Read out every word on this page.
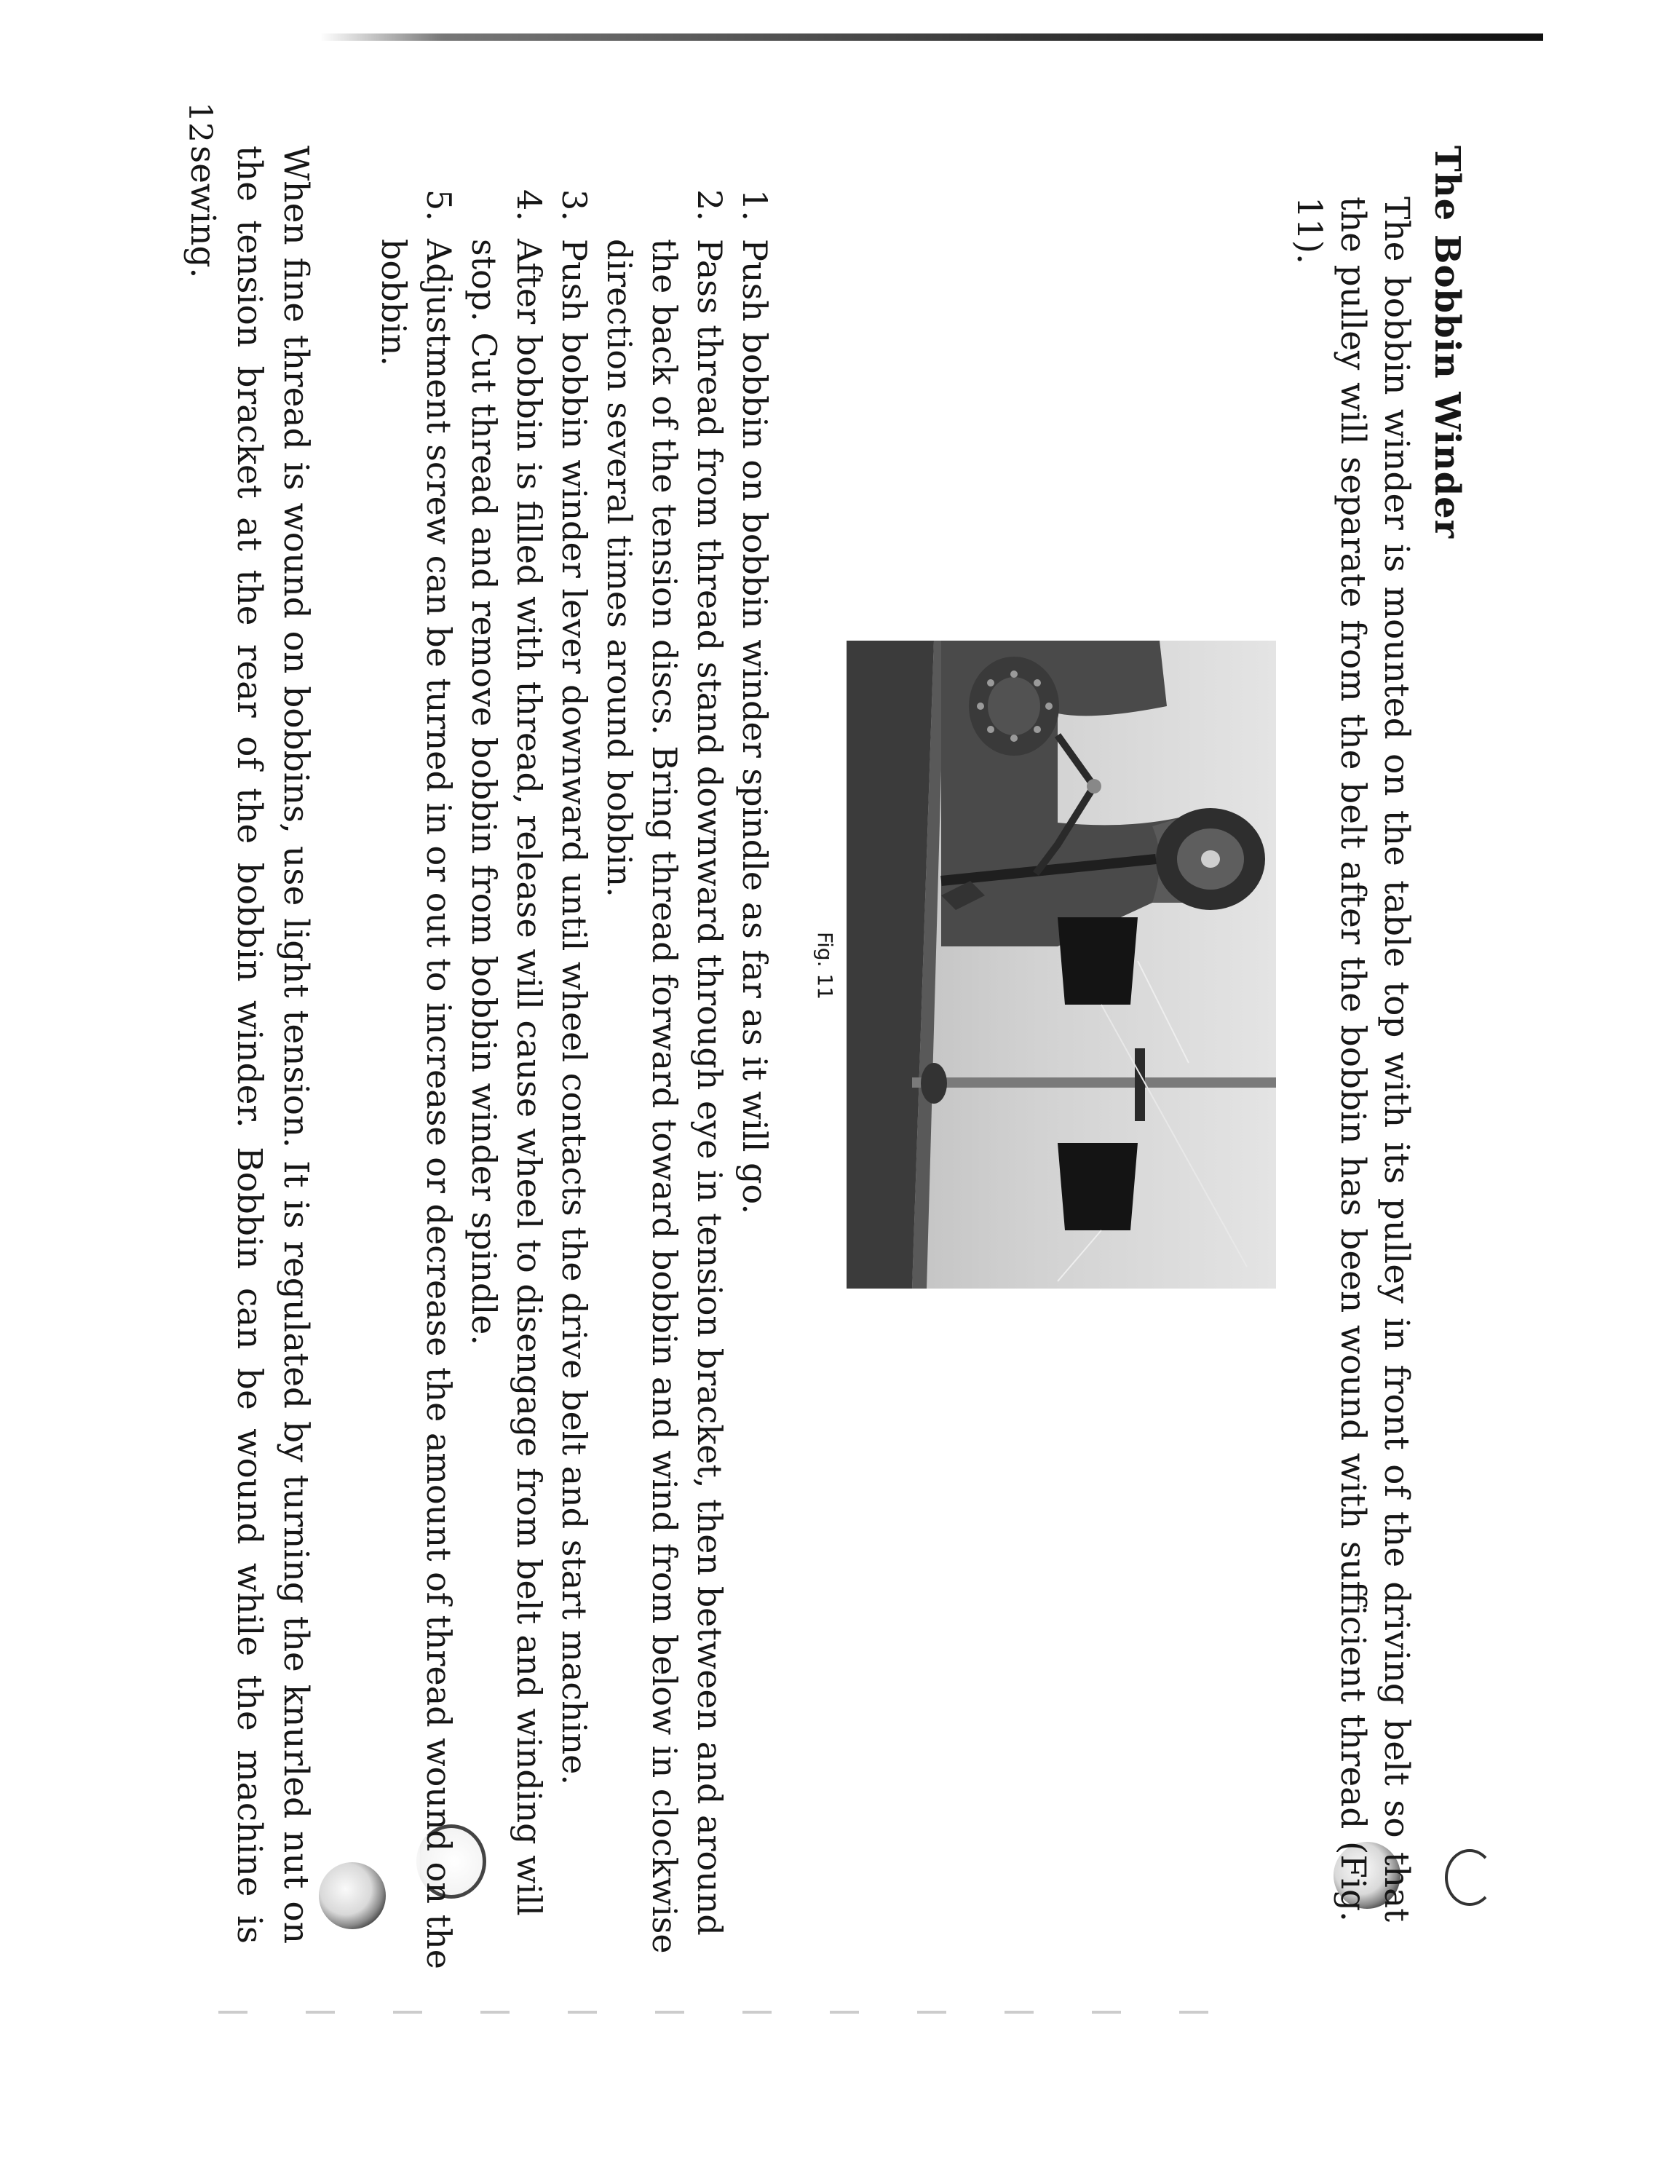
12
The Bobbin Winder

The bobbin winder is mounted on the table top with its pulley in front of the driving belt so that the pulley will separate from the belt after the bobbin has been wound with sufficient thread (Fig. 11).

Fig. 11
1.
Push bobbin on bobbin winder spindle as far as it will go.
2.
Pass thread from thread stand downward through eye in tension bracket, then between and around the back of the tension discs. Bring thread forward toward bobbin and wind from below in clockwise direction several times around bobbin.
3.
Push bobbin winder lever downward until wheel contacts the drive belt and start machine.
4.
After bobbin is filled with thread, release will cause wheel to disengage from belt and winding will stop. Cut thread and remove bobbin from bobbin winder spindle.
5.
Adjustment screw can be turned in or out to increase or decrease the amount of thread wound on the bobbin.

When fine thread is wound on bobbins, use light tension. It is regulated by turning the knurled nut on the tension bracket at the rear of the bobbin winder. Bobbin can be wound while the machine is sewing.
